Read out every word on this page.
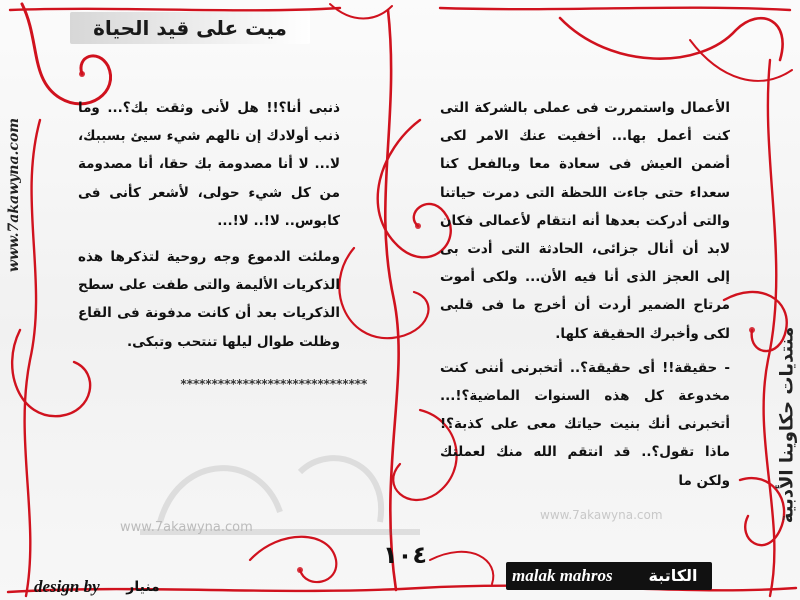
www.7akawyna.com
www.7akawyna.com
ميت على قيد الحياة
www.7akawyna.com
منتديات حكاوينا الأدبية

ذنبى أنا؟!! هل لأنى وثقت بك؟... وما ذنب أولادك إن نالهم شيء سيئ بسببك، لا... لا أنا مصدومة بك حقا، أنا مصدومة من كل شيء حولى، لأشعر كأنى فى كابوس.. لا!.. لا!...

وملئت الدموع وجه روحية لتذكرها هذه الذكريات الأليمة والتى طفت على سطح الذكريات بعد أن كانت مدفونة فى القاع وظلت طوال ليلها تنتحب وتبكى.

******************************

الأعمال واستمررت فى عملى بالشركة التى كنت أعمل بها... أخفيت عنك الامر لكى أضمن العيش فى سعادة معا وبالفعل كنا سعداء حتى جاءت اللحظة التى دمرت حياتنا والتى أدركت بعدها أنه انتقام لأعمالى فكان لابد أن أنال جزائى، الحادثة التى أدت بى إلى العجز الذى أنا فيه الأن... ولكى أموت مرتاح الضمير أردت أن أخرج ما فى قلبى لكى وأخبرك الحقيقة كلها.

- حقيقة!! أى حقيقة؟.. أتخبرنى أننى كنت مخدوعة كل هذه السنوات الماضية؟!... أتخبرنى أنك بنيت حياتك معى على كذبة؟! ماذا تقول؟.. قد انتقم الله منك لعملتك ولكن ما

١٠٤
malak mahros	الكاتبة
design by	منيار
